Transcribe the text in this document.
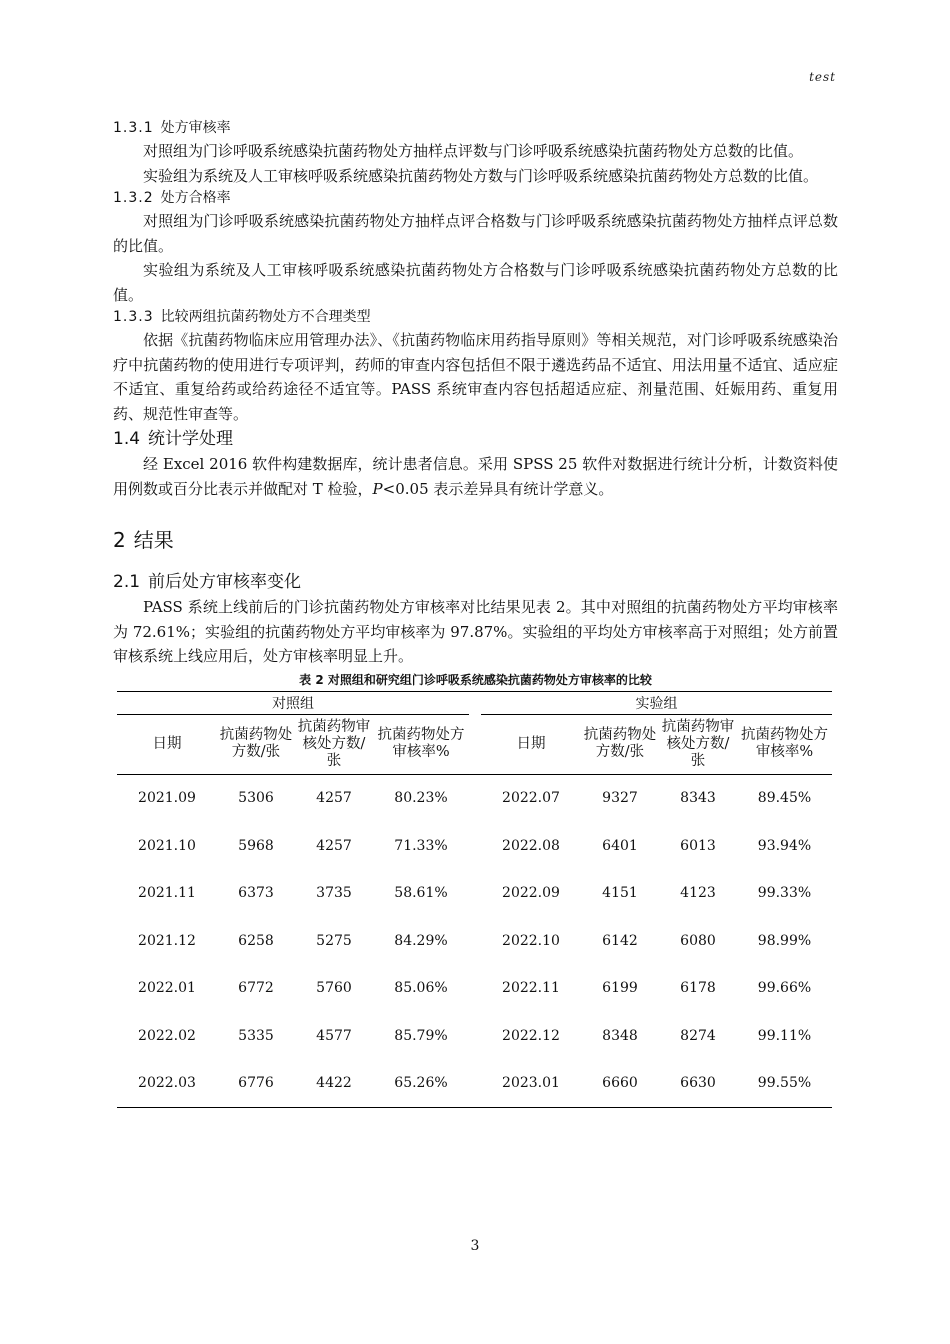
test

1.3.1 处方审核率

对照组为门诊呼吸系统感染抗菌药物处方抽样点评数与门诊呼吸系统感染抗菌药物处方总数的比值。

实验组为系统及人工审核呼吸系统感染抗菌药物处方数与门诊呼吸系统感染抗菌药物处方总数的比值。

1.3.2 处方合格率

对照组为门诊呼吸系统感染抗菌药物处方抽样点评合格数与门诊呼吸系统感染抗菌药物处方抽样点评总数的比值。

实验组为系统及人工审核呼吸系统感染抗菌药物处方合格数与门诊呼吸系统感染抗菌药物处方总数的比值。

1.3.3 比较两组抗菌药物处方不合理类型

依据《抗菌药物临床应用管理办法》、《抗菌药物临床用药指导原则》等相关规范，对门诊呼吸系统感染治疗中抗菌药物的使用进行专项评判，药师的审查内容包括但不限于遴选药品不适宜、用法用量不适宜、适应症不适宜、重复给药或给药途径不适宜等。PASS 系统审查内容包括超适应症、剂量范围、妊娠用药、重复用药、规范性审查等。

1.4 统计学处理

经 Excel 2016 软件构建数据库，统计患者信息。采用 SPSS 25 软件对数据进行统计分析，计数资料使用例数或百分比表示并做配对 T 检验，P<0.05 表示差异具有统计学意义。

2 结果

2.1 前后处方审核率变化

PASS 系统上线前后的门诊抗菌药物处方审核率对比结果见表 2。其中对照组的抗菌药物处方平均审核率为 72.61%；实验组的抗菌药物处方平均审核率为 97.87%。实验组的平均处方审核率高于对照组；处方前置审核系统上线应用后，处方审核率明显上升。

表 2 对照组和研究组门诊呼吸系统感染抗菌药物处方审核率的比较
对照组					实验组			
日期	抗菌药物处方数/张	抗菌药物审核处方数/张	抗菌药物处方审核率%		日期	抗菌药物处方数/张	抗菌药物审核处方数/张	抗菌药物处方审核率%
2021.09	5306	4257	80.23%		2022.07	9327	8343	89.45%
2021.10	5968	4257	71.33%		2022.08	6401	6013	93.94%
2021.11	6373	3735	58.61%		2022.09	4151	4123	99.33%
2021.12	6258	5275	84.29%		2022.10	6142	6080	98.99%
2022.01	6772	5760	85.06%		2022.11	6199	6178	99.66%
2022.02	5335	4577	85.79%		2022.12	8348	8274	99.11%
2022.03	6776	4422	65.26%		2023.01	6660	6630	99.55%
3
